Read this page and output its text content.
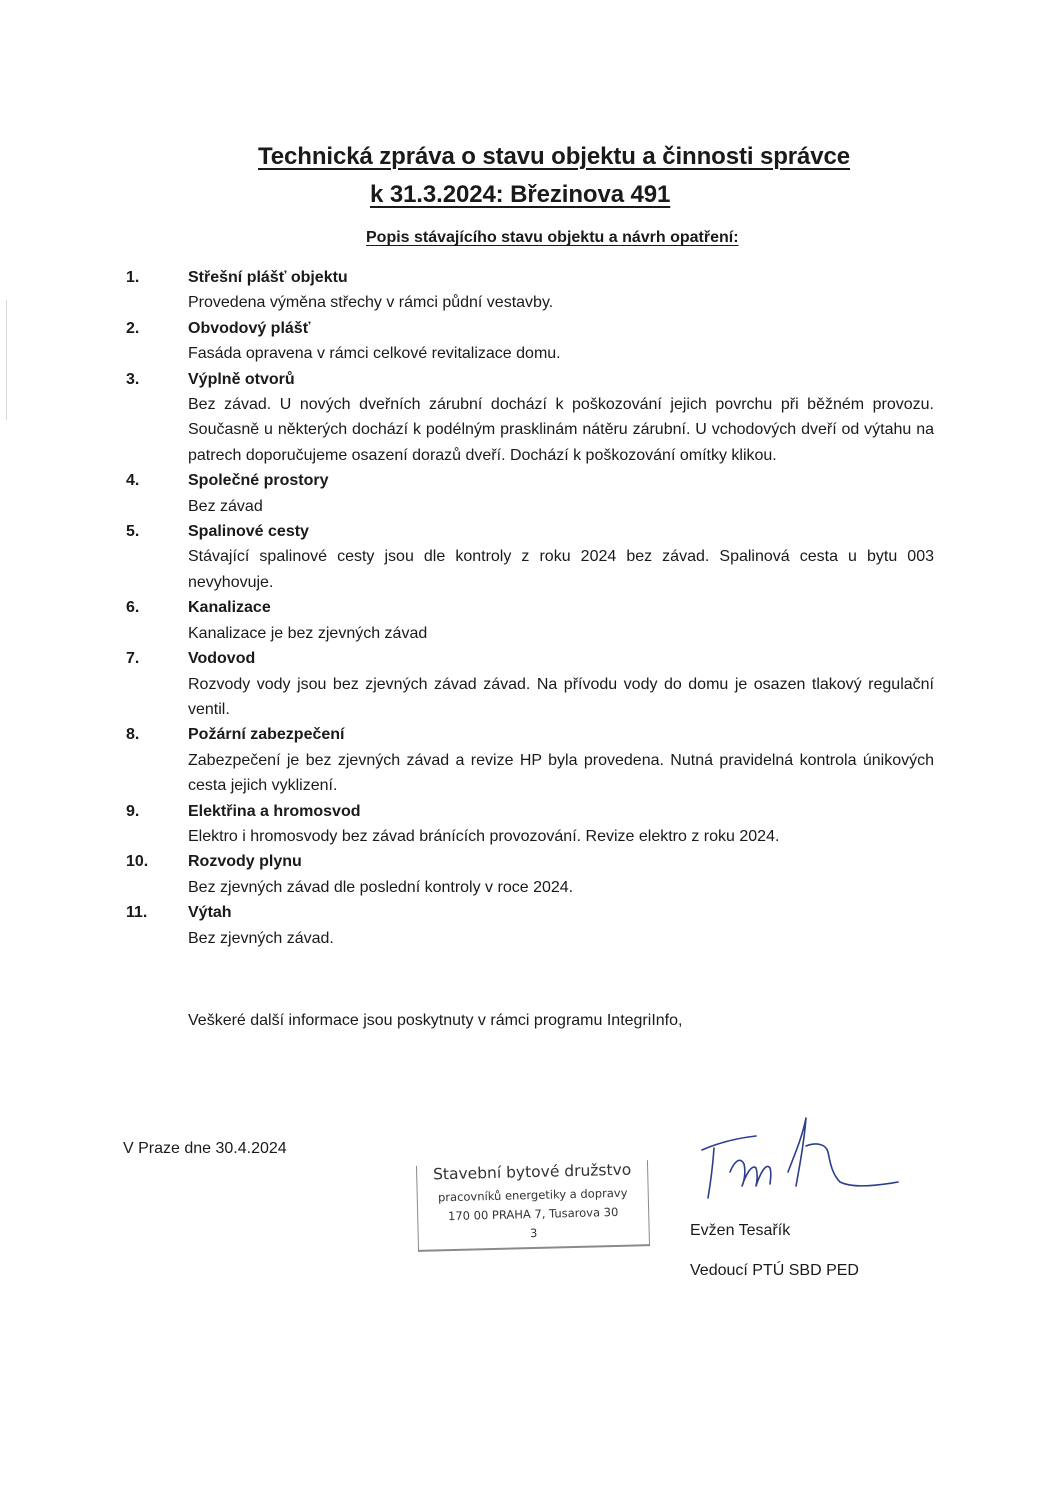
Technická zpráva o stavu objektu a činnosti správce
k 31.3.2024: Březinova 491
Popis stávajícího stavu objektu a návrh opatření:
1.	Střešní plášť objektu
Provedena výměna střechy v rámci půdní vestavby.
2.	Obvodový plášť
Fasáda opravena v rámci celkové revitalizace domu.
3.	Výplně otvorů
Bez závad. U nových dveřních zárubní dochází k poškozování jejich povrchu při běžném provozu. Současně u některých dochází k podélným prasklinám nátěru zárubní. U vchodových dveří od výtahu na patrech doporučujeme osazení dorazů dveří. Dochází k poškozování omítky klikou.
4.	Společné prostory
Bez závad
5.	Spalinové cesty
Stávající spalinové cesty jsou dle kontroly z roku 2024 bez závad. Spalinová cesta u bytu 003 nevyhovuje.
6.	Kanalizace
Kanalizace je bez zjevných závad
7.	Vodovod
Rozvody vody jsou bez zjevných závad závad. Na přívodu vody do domu je osazen tlakový regulační ventil.
8.	Požární zabezpečení
Zabezpečení je bez zjevných závad a revize HP byla provedena. Nutná pravidelná kontrola únikových cesta jejich vyklizení.
9.	Elektřina a hromosvod
Elektro i hromosvody bez závad bránících provozování. Revize elektro z roku 2024.
10. Rozvody plynu
Bez zjevných závad dle poslední kontroly v roce 2024.
11.	Výtah
Bez zjevných závad.

Veškeré další informace jsou poskytnuty v rámci programu IntegriInfo,

V Praze dne 30.4.2024

Stavební bytové družstvo
pracovníků energetiky a dopravy
170 00 PRAHA 7, Tusarova 30
3	Evžen Tesařík

Vedoucí PTÚ SBD PED
